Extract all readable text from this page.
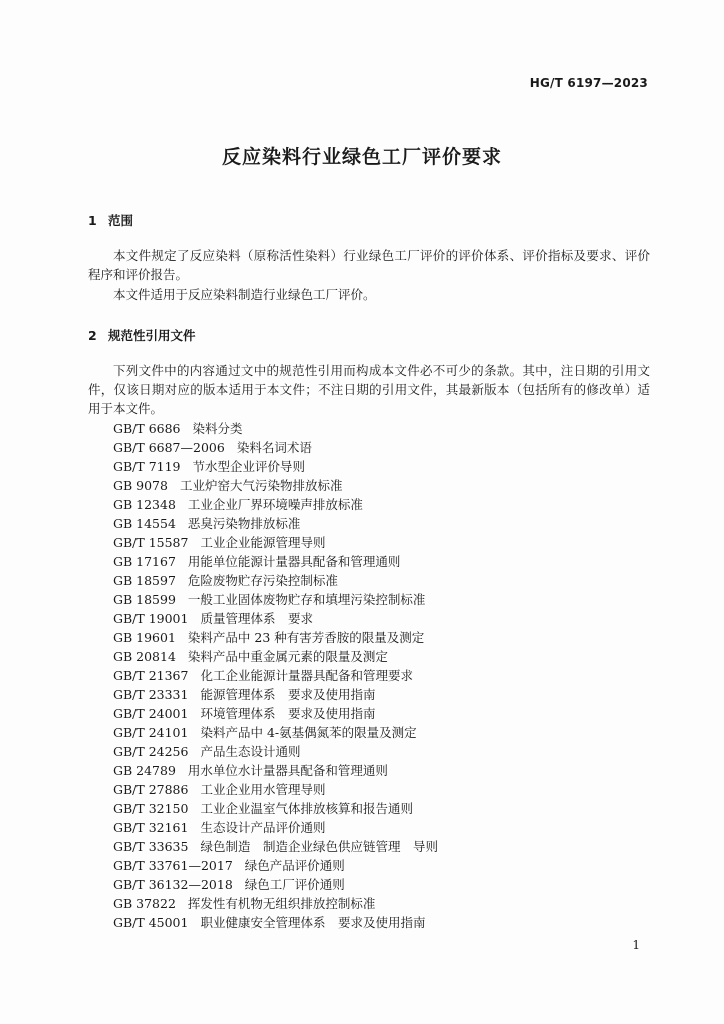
HG/T 6197—2023
反应染料行业绿色工厂评价要求
1 范围

本文件规定了反应染料（原称活性染料）行业绿色工厂评价的评价体系、评价指标及要求、评价程序和评价报告。

本文件适用于反应染料制造行业绿色工厂评价。

2 规范性引用文件

下列文件中的内容通过文中的规范性引用而构成本文件必不可少的条款。其中，注日期的引用文件，仅该日期对应的版本适用于本文件；不注日期的引用文件，其最新版本（包括所有的修改单）适用于本文件。

GB/T 6686 染料分类
GB/T 6687—2006 染料名词术语
GB/T 7119 节水型企业评价导则
GB 9078 工业炉窑大气污染物排放标准
GB 12348 工业企业厂界环境噪声排放标准
GB 14554 恶臭污染物排放标准
GB/T 15587 工业企业能源管理导则
GB 17167 用能单位能源计量器具配备和管理通则
GB 18597 危险废物贮存污染控制标准
GB 18599 一般工业固体废物贮存和填埋污染控制标准
GB/T 19001 质量管理体系　要求
GB 19601 染料产品中 23 种有害芳香胺的限量及测定
GB 20814 染料产品中重金属元素的限量及测定
GB/T 21367 化工企业能源计量器具配备和管理要求
GB/T 23331 能源管理体系　要求及使用指南
GB/T 24001 环境管理体系　要求及使用指南
GB/T 24101 染料产品中 4-氨基偶氮苯的限量及测定
GB/T 24256 产品生态设计通则
GB 24789 用水单位水计量器具配备和管理通则
GB/T 27886 工业企业用水管理导则
GB/T 32150 工业企业温室气体排放核算和报告通则
GB/T 32161 生态设计产品评价通则
GB/T 33635 绿色制造　制造企业绿色供应链管理　导则
GB/T 33761—2017 绿色产品评价通则
GB/T 36132—2018 绿色工厂评价通则
GB 37822 挥发性有机物无组织排放控制标准
GB/T 45001 职业健康安全管理体系　要求及使用指南
1
